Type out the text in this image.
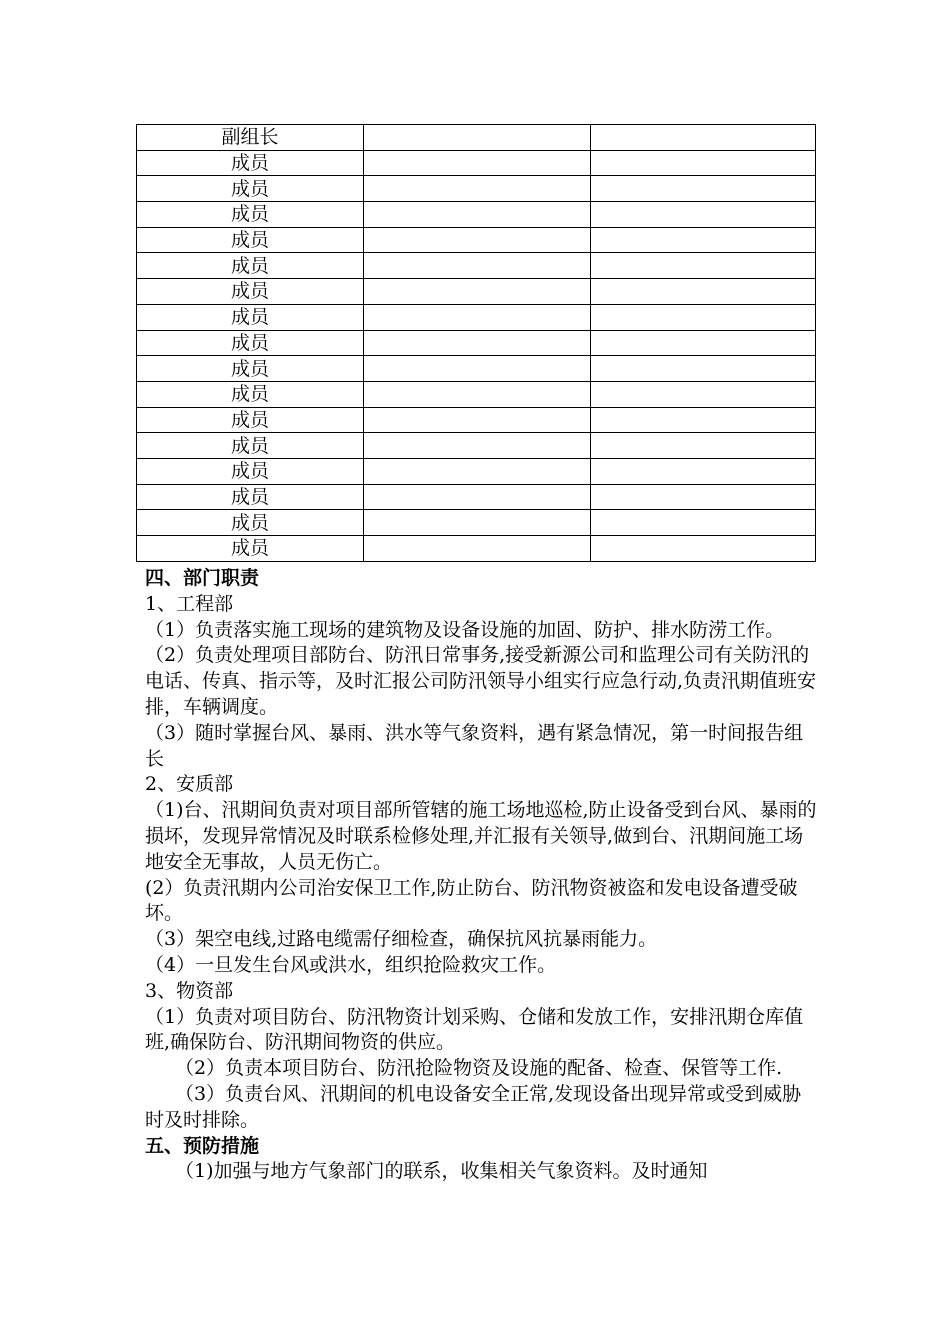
副组长		
成员		
成员		
成员		
成员		
成员		
成员		
成员		
成员		
成员		
成员		
成员		
成员		
成员		
成员		
成员		
成员		

四、部门职责

1、工程部

（1）负责落实施工现场的建筑物及设备设施的加固、防护、排水防涝工作。

（2）负责处理项目部防台、防汛日常事务,接受新源公司和监理公司有关防汛的电话、传真、指示等，及时汇报公司防汛领导小组实行应急行动,负责汛期值班安排，车辆调度。

（3）随时掌握台风、暴雨、洪水等气象资料，遇有紧急情况，第一时间报告组长

2、安质部

（1)台、汛期间负责对项目部所管辖的施工场地巡检,防止设备受到台风、暴雨的损坏，发现异常情况及时联系检修处理,并汇报有关领导,做到台、汛期间施工场地安全无事故，人员无伤亡。

(2）负责汛期内公司治安保卫工作,防止防台、防汛物资被盗和发电设备遭受破坏。

（3）架空电线,过路电缆需仔细检查，确保抗风抗暴雨能力。

（4）一旦发生台风或洪水，组织抢险救灾工作。

3、物资部

（1）负责对项目防台、防汛物资计划采购、仓储和发放工作，安排汛期仓库值班,确保防台、防汛期间物资的供应。

（2）负责本项目防台、防汛抢险物资及设施的配备、检查、保管等工作.

（3）负责台风、汛期间的机电设备安全正常,发现设备出现异常或受到威胁时及时排除。

五、预防措施

（1)加强与地方气象部门的联系，收集相关气象资料。及时通知
